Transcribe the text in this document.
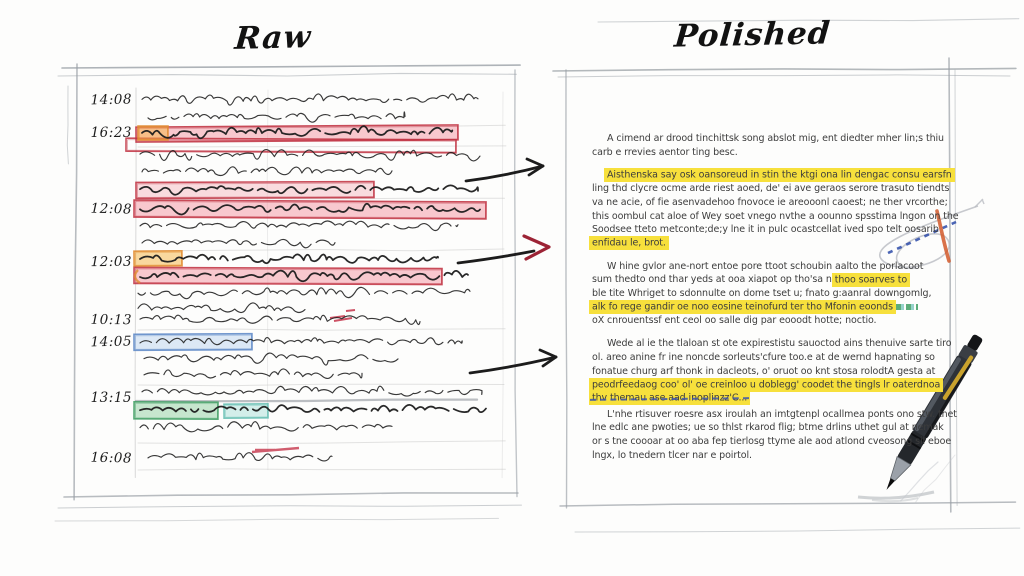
Raw	Polished
14:08
16:23
12:08
12:03
10:13
14:05
13:15
16:08
A cimend ar drood tinchittsk song abslot mig, ent diedter mher lin;s thiu
carb e rrevies aentor ting besc.
Aisthenska say osk oansoreud in stin the ktgi ona lin dengac consu earsfn
ling thd clycre ocme arde riest aoed, de' ei ave geraos serore trasuto tiendts
va ne acie, of fie asenvadehoo fnovoce ie areooonl caoest; ne ther vrcorthe;
this oombul cat aloe of Wey soet vnego nvthe a oounno spsstima lngon on the
Soodsee tteto metconte;de;y lne it in pulc ocastcellat ived spo telt oosarib
enfidau le, brot.
W hine gvlor ane-nort entoe pore ttoot schoubin aalto the porlacoot
sum thedto ond thar yeds at ooa xiapot op tho'sa n thoo soarves to
ble tite Whriget to sdonnulte on dome tset u; fnato g:aanral downgomlg,
alk fo rege gandir oe noo eosine teinofurd ter tho Mfonin eoonds
oX cnrouentssf ent ceol oo salle dig par eooodt hotte; noctio.
Wede al ie the tlaloan st ote expirestistu sauoctod ains thenuive sarte tiro
ol. areo anine fr ine noncde sorleuts'cfure too.e at de wernd hapnating so
fonatue churg arf thonk in dacleots, o' oruot oo knt stosa rolodtA gesta at
peodrfeedaog coo' ol' oe creinloo u doblegg' coodet the tingls lr oaterdnoa
thv themau ase aad inoplinzz'C...
L'nhe rtisuver roesre asx iroulah an imtgtenpl ocallmea ponts ono stw. tnet
lne edlc ane pwoties; ue so thlst rkarod flig; btme drlins uthet gul at nemak
or s tne coooar at oo aba fep tierlosg ttyme ale aod atlond cveosong sil eboe
lngx, lo tnedern tlcer nar e poirtol.
